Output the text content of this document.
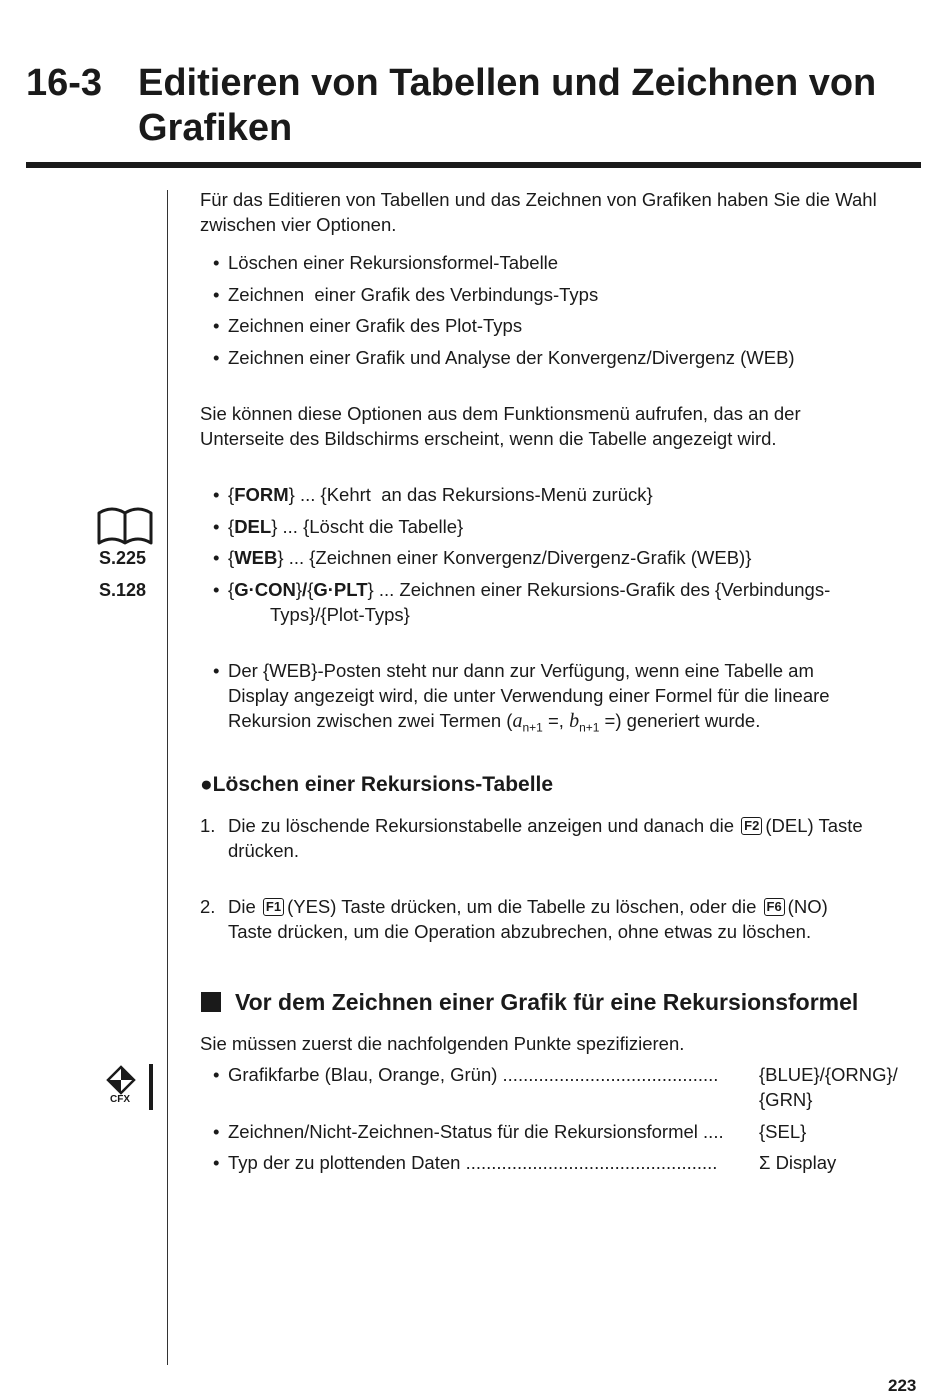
16-3 Editieren von Tabellen und Zeichnen von
Grafiken
Für das Editieren von Tabellen und das Zeichnen von Grafiken haben Sie die Wahl
zwischen vier Optionen.
• Löschen einer Rekursionsformel-Tabelle
• Zeichnen  einer Grafik des Verbindungs-Typs
• Zeichnen einer Grafik des Plot-Typs
• Zeichnen einer Grafik und Analyse der Konvergenz/Divergenz (WEB)
Sie können diese Optionen aus dem Funktionsmenü aufrufen, das an der
Unterseite des Bildschirms erscheint, wenn die Tabelle angezeigt wird.
S.225
S.128
• {FORM} ... {Kehrt  an das Rekursions-Menü zurück}
• {DEL} ... {Löscht die Tabelle}
• {WEB} ... {Zeichnen einer Konvergenz/Divergenz-Grafik (WEB)}
• {G·CON}/{G·PLT} ... Zeichnen einer Rekursions-Grafik des {Verbindungs-
Typs}/{Plot-Typs}
• Der {WEB}-Posten steht nur dann zur Verfügung, wenn eine Tabelle am
Display angezeigt wird, die unter Verwendung einer Formel für die lineare
Rekursion zwischen zwei Termen ($a_{n+1}$ =, $b_{n+1}$ =) generiert wurde.
●Löschen einer Rekursions-Tabelle
1. Die zu löschende Rekursionstabelle anzeigen und danach die F2 (DEL) Taste
drücken.
2. Die F1 (YES) Taste drücken, um die Tabelle zu löschen, oder die F6 (NO)
Taste drücken, um die Operation abzubrechen, ohne etwas zu löschen.
Vor dem Zeichnen einer Grafik für eine Rekursionsformel
Sie müssen zuerst die nachfolgenden Punkte spezifizieren.
CFX
• Grafikfarbe (Blau, Orange, Grün) .......................................... {BLUE}/{ORNG}/
{GRN}
• Zeichnen/Nicht-Zeichnen-Status für die Rekursionsformel .... {SEL}
• Typ der zu plottenden Daten ................................................. Σ Display
223
